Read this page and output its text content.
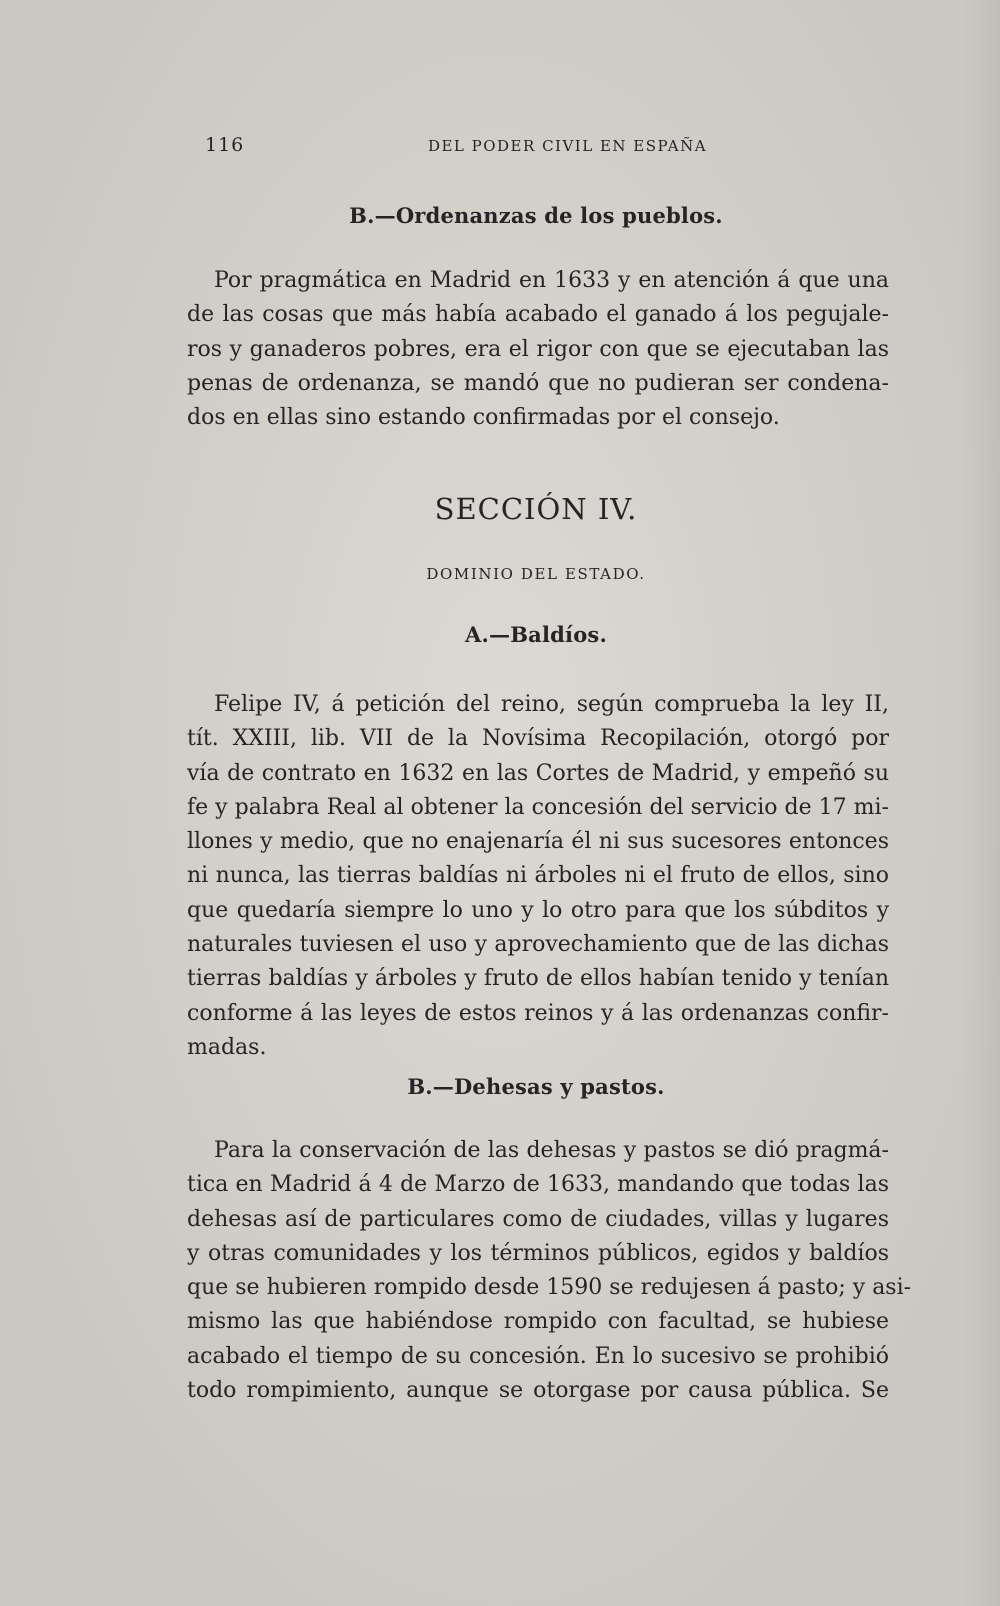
116	DEL PODER CIVIL EN ESPAÑA
B.—Ordenanzas de los pueblos.
Por pragmática en Madrid en 1633 y en atención á que una
de las cosas que más había acabado el ganado á los pegujale-
ros y ganaderos pobres, era el rigor con que se ejecutaban las
penas de ordenanza, se mandó que no pudieran ser condena-
dos en ellas sino estando confirmadas por el consejo.
SECCIÓN IV.
DOMINIO DEL ESTADO.
A.—Baldíos.
Felipe IV, á petición del reino, según comprueba la ley II,
tít. XXIII, lib. VII de la Novísima Recopilación, otorgó por
vía de contrato en 1632 en las Cortes de Madrid, y empeñó su
fe y palabra Real al obtener la concesión del servicio de 17 mi-
llones y medio, que no enajenaría él ni sus sucesores entonces
ni nunca, las tierras baldías ni árboles ni el fruto de ellos, sino
que quedaría siempre lo uno y lo otro para que los súbditos y
naturales tuviesen el uso y aprovechamiento que de las dichas
tierras baldías y árboles y fruto de ellos habían tenido y tenían
conforme á las leyes de estos reinos y á las ordenanzas confir-
madas.
B.—Dehesas y pastos.
Para la conservación de las dehesas y pastos se dió pragmá-
tica en Madrid á 4 de Marzo de 1633, mandando que todas las
dehesas así de particulares como de ciudades, villas y lugares
y otras comunidades y los términos públicos, egidos y baldíos
que se hubieren rompido desde 1590 se redujesen á pasto; y asi-
mismo las que habiéndose rompido con facultad, se hubiese
acabado el tiempo de su concesión. En lo sucesivo se prohibió
todo rompimiento, aunque se otorgase por causa pública. Se
